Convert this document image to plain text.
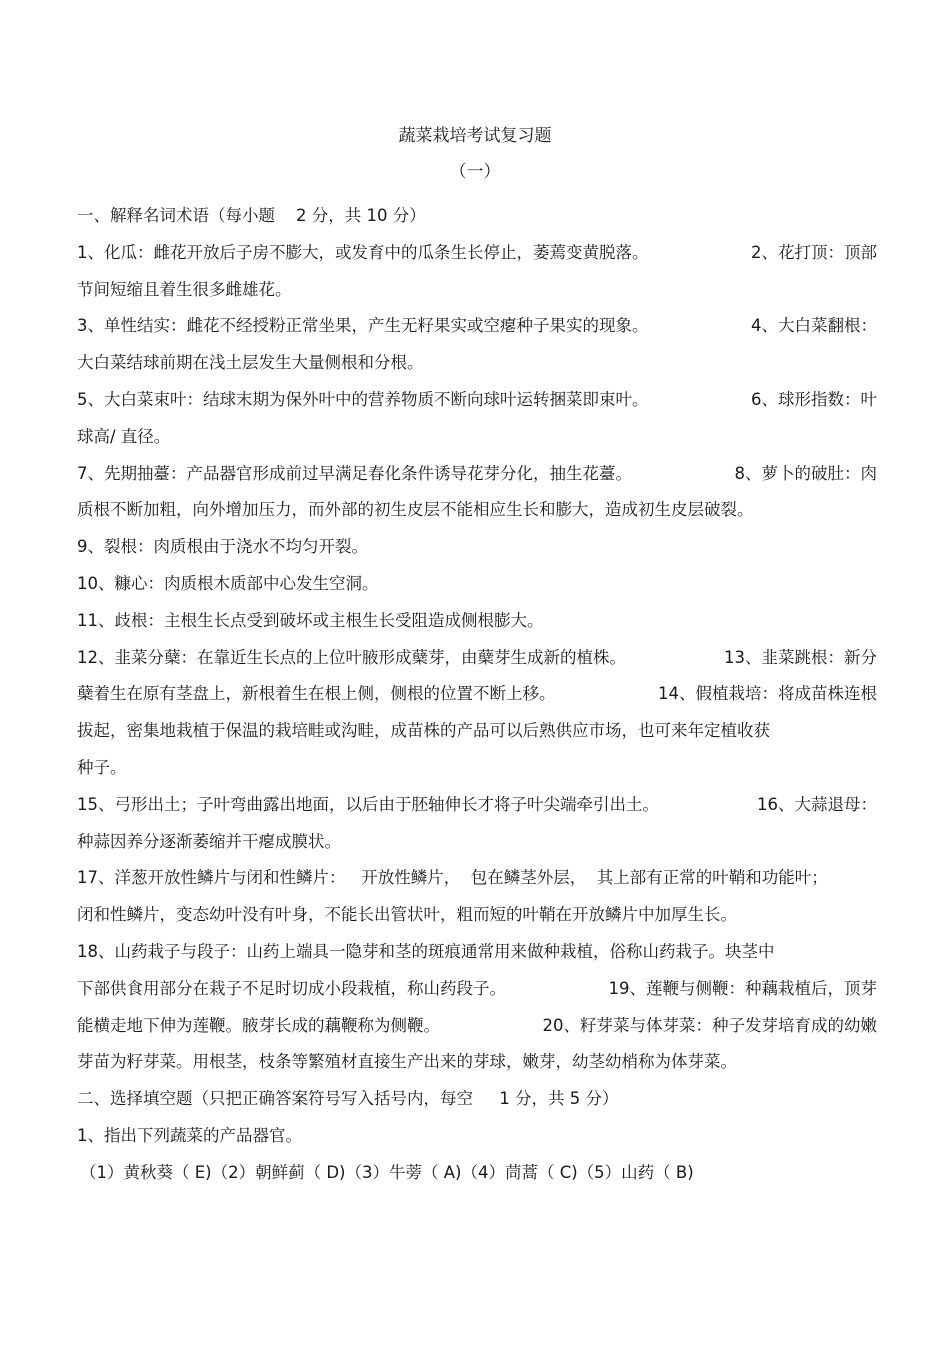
蔬菜栽培考试复习题
（一）
一、解释名词术语（每小题    2 分，共 10 分）
1、化瓜：雌花开放后子房不膨大，或发育中的瓜条生长停止，萎蔫变黄脱落。	2、花打顶：顶部
节间短缩且着生很多雌雄花。
3、单性结实：雌花不经授粉正常坐果，产生无籽果实或空瘪种子果实的现象。	4、大白菜翻根：
大白菜结球前期在浅土层发生大量侧根和分根。
5、大白菜束叶：结球末期为保外叶中的营养物质不断向球叶运转捆菜即束叶。	6、球形指数：叶
球高/ 直径。
7、先期抽薹：产品器官形成前过早满足春化条件诱导花芽分化，抽生花薹。	8、萝卜的破肚：肉
质根不断加粗，向外增加压力，而外部的初生皮层不能相应生长和膨大，造成初生皮层破裂。
9、裂根：肉质根由于浇水不均匀开裂。
10、糠心：肉质根木质部中心发生空洞。
11、歧根：主根生长点受到破坏或主根生长受阻造成侧根膨大。
12、韭菜分蘖：在靠近生长点的上位叶腋形成蘖芽，由蘖芽生成新的植株。	13、韭菜跳根：新分
蘖着生在原有茎盘上，新根着生在根上侧，侧根的位置不断上移。	14、假植栽培：将成苗株连根
拔起，密集地栽植于保温的栽培畦或沟畦，成苗株的产品可以后熟供应市场，也可来年定植收获
种子。
15、弓形出土；子叶弯曲露出地面，以后由于胚轴伸长才将子叶尖端牵引出土。	16、大蒜退母：
种蒜因养分逐渐萎缩并干瘪成膜状。
17、洋葱开放性鳞片与闭和性鳞片：   开放性鳞片，  包在鳞茎外层，  其上部有正常的叶鞘和功能叶；
闭和性鳞片，变态幼叶没有叶身，不能长出管状叶，粗而短的叶鞘在开放鳞片中加厚生长。
18、山药栽子与段子：山药上端具一隐芽和茎的斑痕通常用来做种栽植，俗称山药栽子。块茎中
下部供食用部分在栽子不足时切成小段栽植，称山药段子。	19、莲鞭与侧鞭：种藕栽植后，顶芽
能横走地下伸为莲鞭。腋芽长成的藕鞭称为侧鞭。	20、籽芽菜与体芽菜：种子发芽培育成的幼嫩
芽苗为籽芽菜。用根茎，枝条等繁殖材直接生产出来的芽球，嫩芽，幼茎幼梢称为体芽菜。
二、选择填空题（只把正确答案符号写入括号内，每空     1 分，共 5 分）
1、指出下列蔬菜的产品器官。
（1）黄秋葵（ E)（2）朝鲜蓟（ D)（3）牛蒡（ A)（4）茼蒿（ C)（5）山药（ B)
